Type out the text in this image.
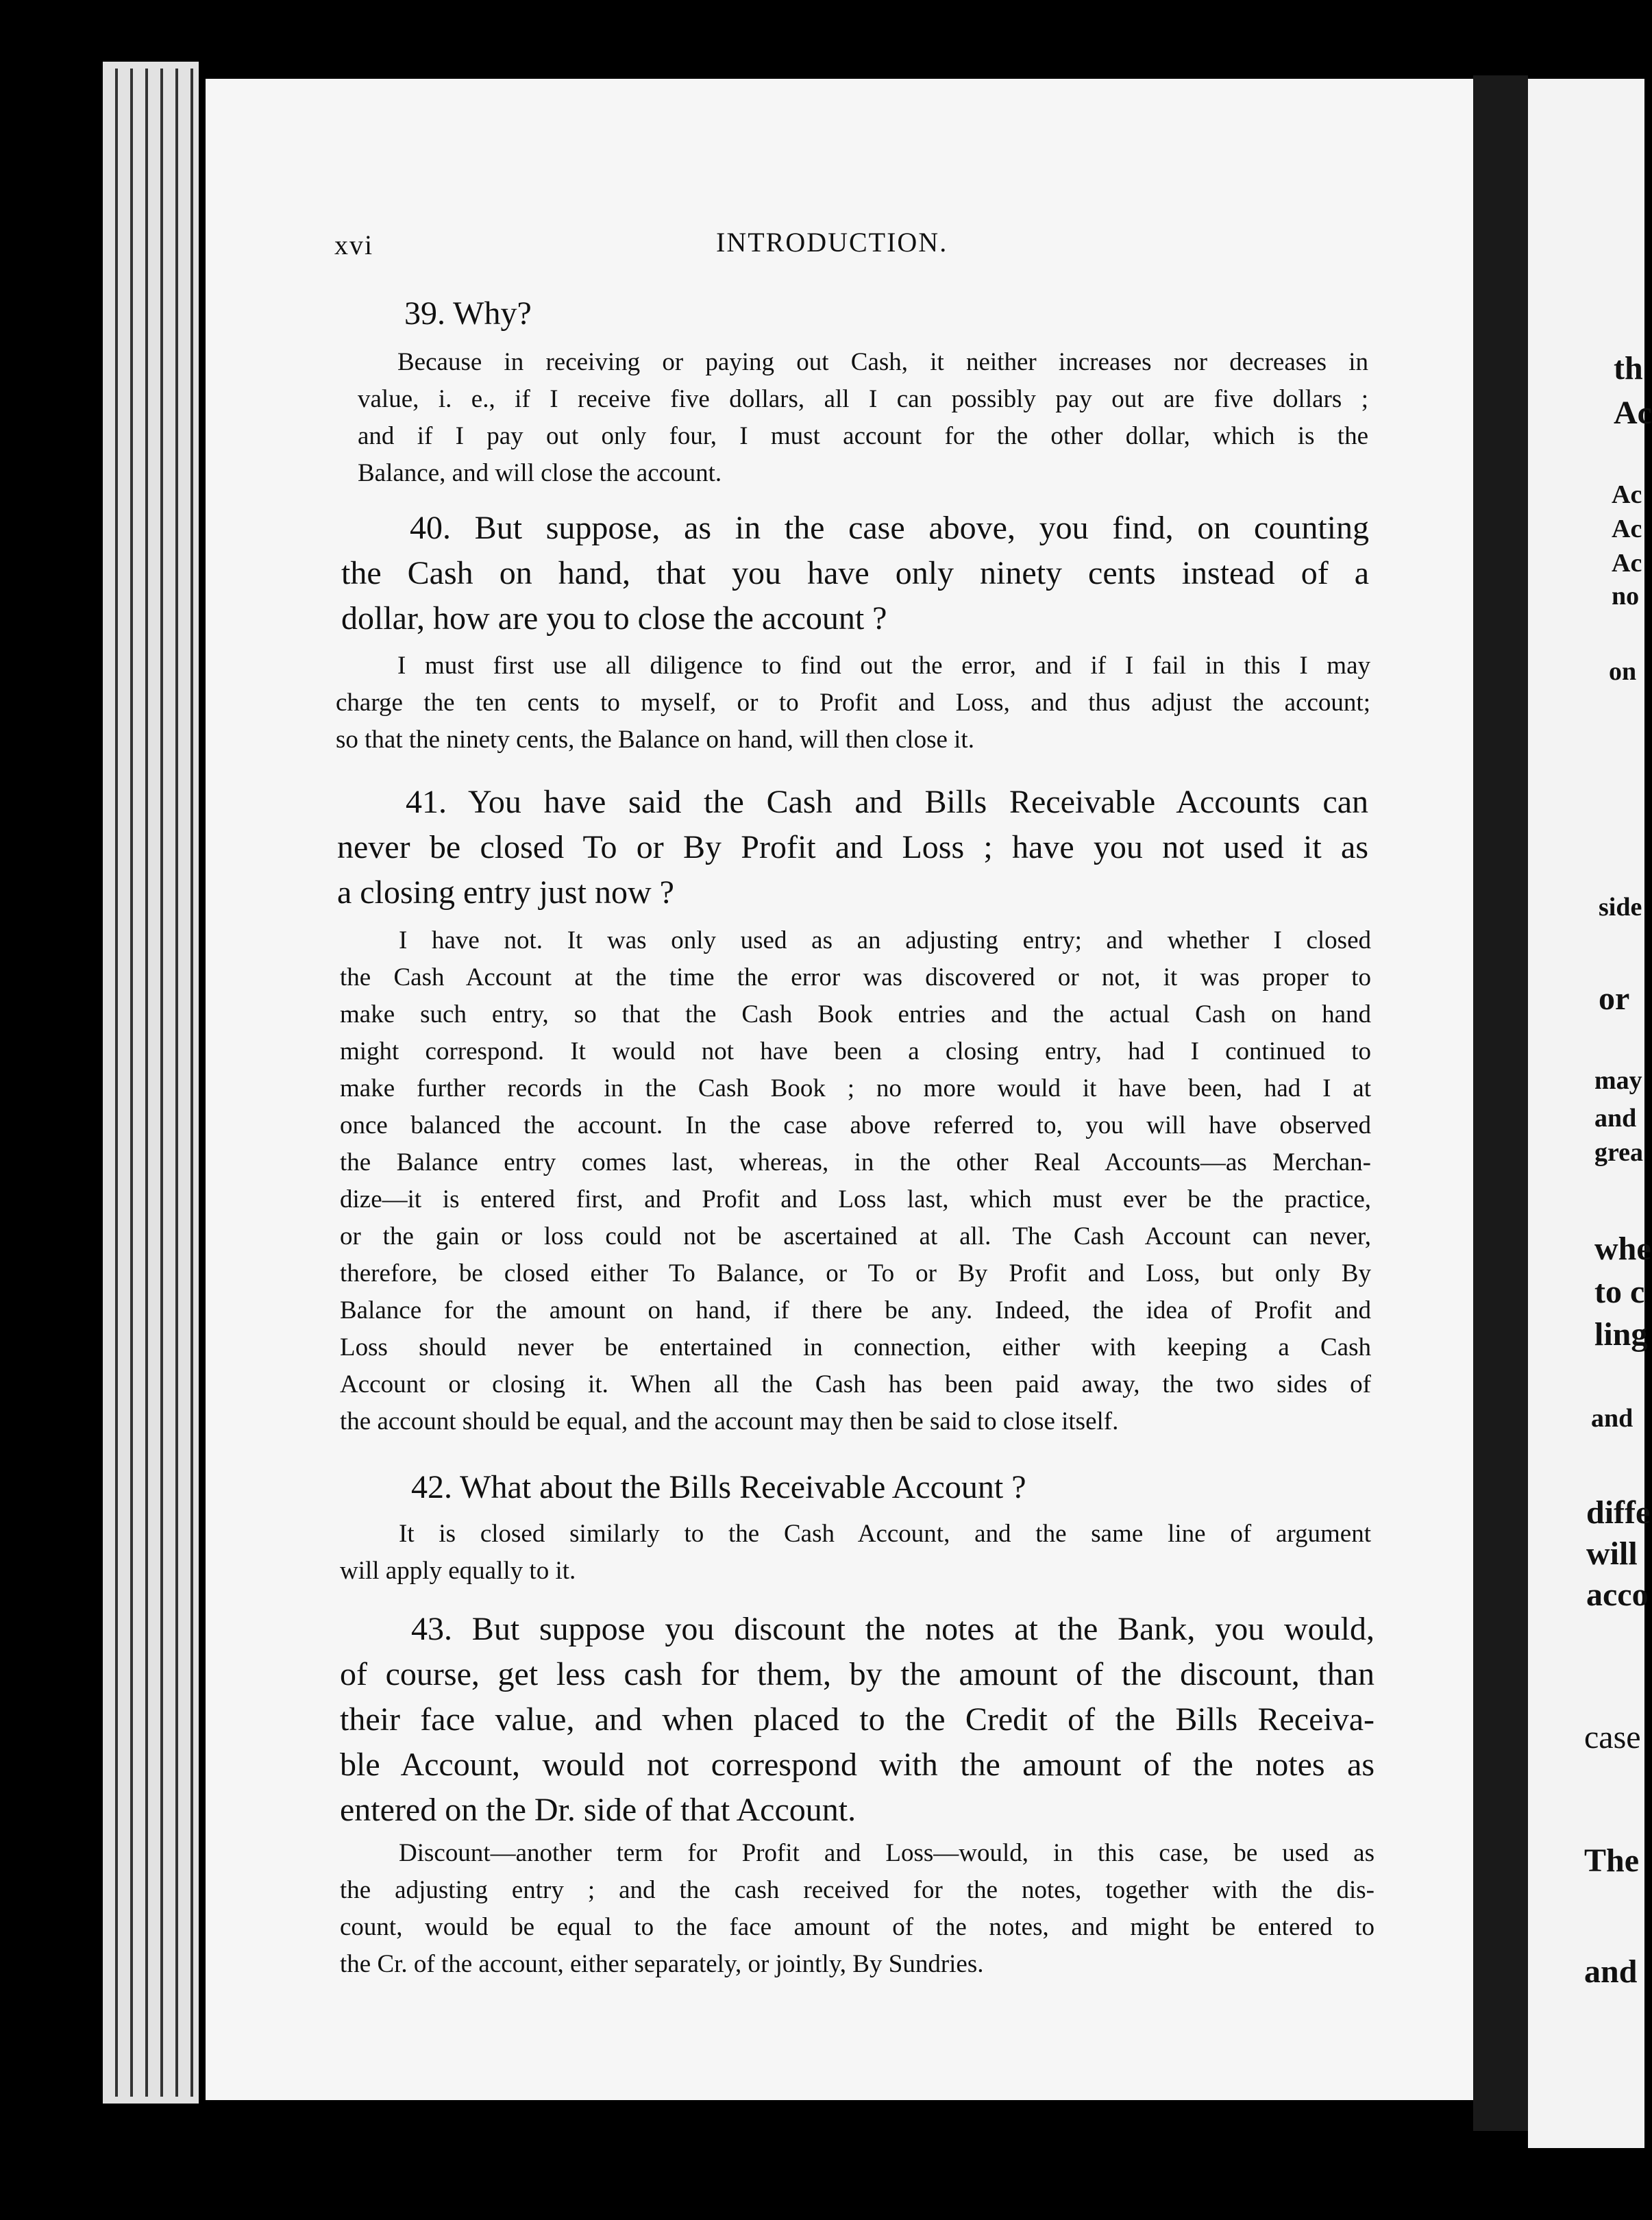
xvi	INTRODUCTION.
39. Why?
Because in receiving or paying out Cash, it neither increases nor decreases in
value, i. e., if I receive five dollars, all I can possibly pay out are five dollars ;
and if I pay out only four, I must account for the other dollar, which is the
Balance, and will close the account.
40. But suppose, as in the case above, you find, on counting
the Cash on hand, that you have only ninety cents instead of a
dollar, how are you to close the account ?
I must first use all diligence to find out the error, and if I fail in this I may
charge the ten cents to myself, or to Profit and Loss, and thus adjust the account;
so that the ninety cents, the Balance on hand, will then close it.
41. You have said the Cash and Bills Receivable Accounts can
never be closed To or By Profit and Loss ; have you not used it as
a closing entry just now ?
I have not. It was only used as an adjusting entry; and whether I closed
the Cash Account at the time the error was discovered or not, it was proper to
make such entry, so that the Cash Book entries and the actual Cash on hand
might correspond. It would not have been a closing entry, had I continued to
make further records in the Cash Book ; no more would it have been, had I at
once balanced the account. In the case above referred to, you will have observed
the Balance entry comes last, whereas, in the other Real Accounts—as Merchan-
dize—it is entered first, and Profit and Loss last, which must ever be the practice,
or the gain or loss could not be ascertained at all. The Cash Account can never,
therefore, be closed either To Balance, or To or By Profit and Loss, but only By
Balance for the amount on hand, if there be any. Indeed, the idea of Profit and
Loss should never be entertained in connection, either with keeping a Cash
Account or closing it. When all the Cash has been paid away, the two sides of
the account should be equal, and the account may then be said to close itself.
42. What about the Bills Receivable Account ?
It is closed similarly to the Cash Account, and the same line of argument
will apply equally to it.
43. But suppose you discount the notes at the Bank, you would,
of course, get less cash for them, by the amount of the discount, than
their face value, and when placed to the Credit of the Bills Receiva-
ble Account, would not correspond with the amount of the notes as
entered on the Dr. side of that Account.
Discount—another term for Profit and Loss—would, in this case, be used as
the adjusting entry ; and the cash received for the notes, together with the dis-
count, would be equal to the face amount of the notes, and might be entered to
the Cr. of the account, either separately, or jointly, By Sundries.
th
Ac
Ac
Ac
Ac
no
on
side
or
may
and
grea
whe
to c
ling
and
diffe
will
acco
case
The
and
